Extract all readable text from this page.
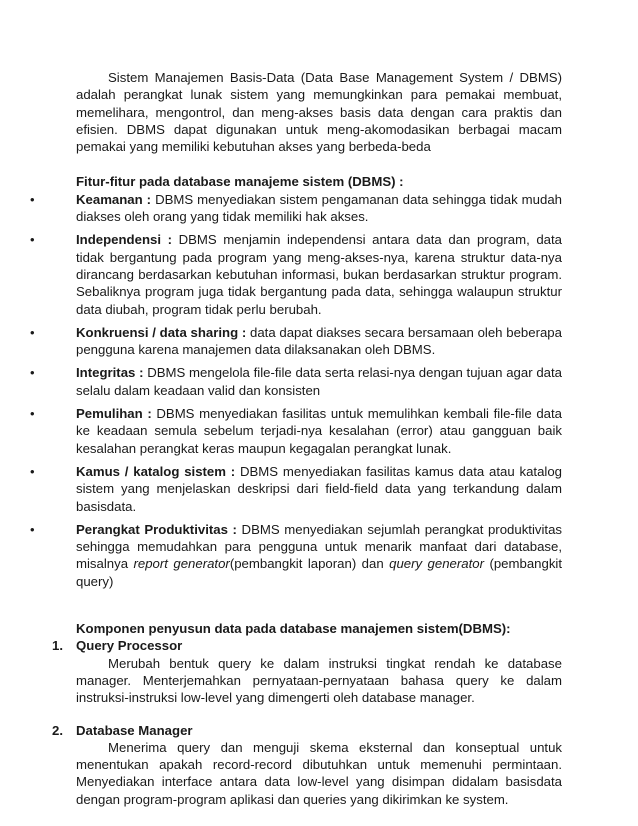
Sistem Manajemen Basis-Data (Data Base Management System / DBMS) adalah perangkat lunak sistem yang memungkinkan para pemakai membuat, memelihara, mengontrol, dan meng-akses basis data dengan cara praktis dan efisien. DBMS dapat digunakan untuk meng-akomodasikan berbagai macam pemakai yang memiliki kebutuhan akses yang berbeda-beda

Fitur-fitur pada database manajeme sistem (DBMS) :

•	Keamanan : DBMS menyediakan sistem pengamanan data sehingga tidak mudah diakses oleh orang yang tidak memiliki hak akses.
•	Independensi : DBMS menjamin independensi antara data dan program, data tidak bergantung pada program yang meng-akses-nya, karena struktur data-nya dirancang berdasarkan kebutuhan informasi, bukan berdasarkan struktur program. Sebaliknya program juga tidak bergantung pada data, sehingga walaupun struktur data diubah, program tidak perlu berubah.
•	Konkruensi / data sharing : data dapat diakses secara bersamaan oleh beberapa pengguna karena manajemen data dilaksanakan oleh DBMS.
•	Integritas : DBMS mengelola file-file data serta relasi-nya dengan tujuan agar data selalu dalam keadaan valid dan konsisten
•	Pemulihan : DBMS menyediakan fasilitas untuk memulihkan kembali file-file data ke keadaan semula sebelum terjadi-nya kesalahan (error) atau gangguan baik kesalahan perangkat keras maupun kegagalan perangkat lunak.
•	Kamus / katalog sistem : DBMS menyediakan fasilitas kamus data atau katalog sistem yang menjelaskan deskripsi dari field-field data yang terkandung dalam basisdata.
•	Perangkat Produktivitas : DBMS menyediakan sejumlah perangkat produktivitas sehingga memudahkan para pengguna untuk menarik manfaat dari database, misalnya report generator(pembangkit laporan) dan query generator (pembangkit query)

Komponen penyusun data pada database manajemen sistem(DBMS):

1. Query Processor

Merubah bentuk query ke dalam instruksi tingkat rendah ke database manager. Menterjemahkan pernyataan-pernyataan bahasa query ke dalam instruksi-instruksi low-level yang dimengerti oleh database manager.

2. Database Manager

Menerima query dan menguji skema eksternal dan konseptual untuk menentukan apakah record-record dibutuhkan untuk memenuhi permintaan. Menyediakan interface antara data low-level yang disimpan didalam basisdata dengan program-program aplikasi dan queries yang dikirimkan ke system.
